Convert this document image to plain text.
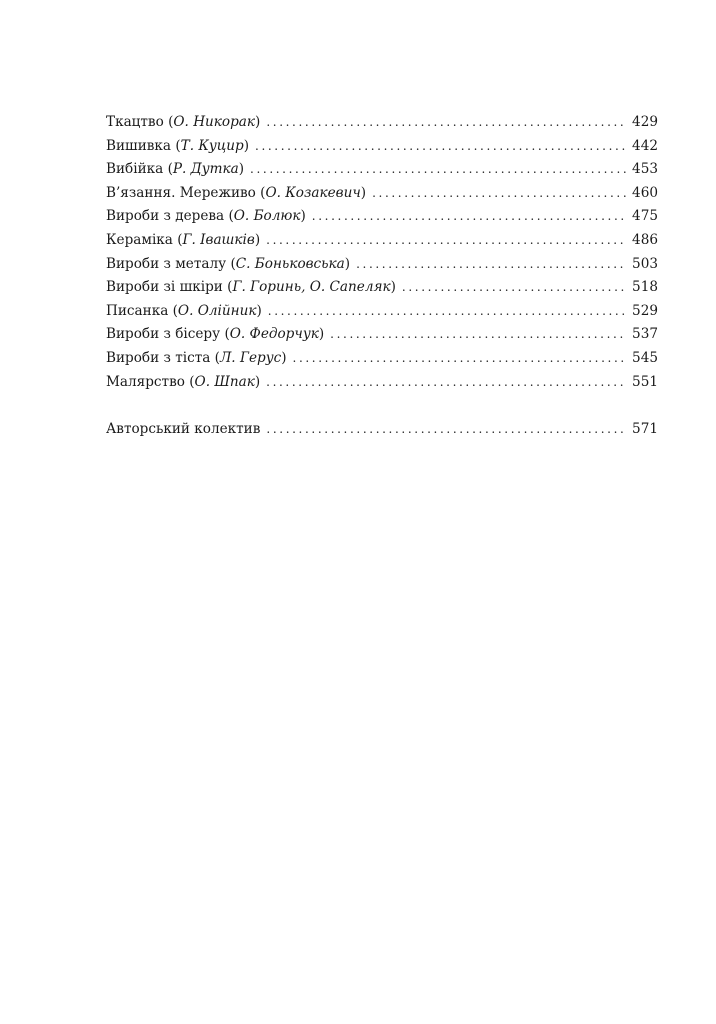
Ткацтво (О. Никорак) . . .	429
Вишивка (Т. Куцир) . . .	442
Вибійка (Р. Дутка) . . .	453
В’язання. Мереживо (О. Козакевич) . . .	460
Вироби з дерева (О. Болюк) . . .	475
Кераміка (Г. Івашків) . . .	486
Вироби з металу (С. Боньковська) . . .	503
Вироби зі шкіри (Г. Горинь, О. Сапеляк) . . .	518
Писанка (О. Олійник) . . .	529
Вироби з бісеру (О. Федорчук) . . .	537
Вироби з тіста (Л. Герус) . . .	545
Малярство (О. Шпак) . . .	551
Авторський колектив . . .	571
